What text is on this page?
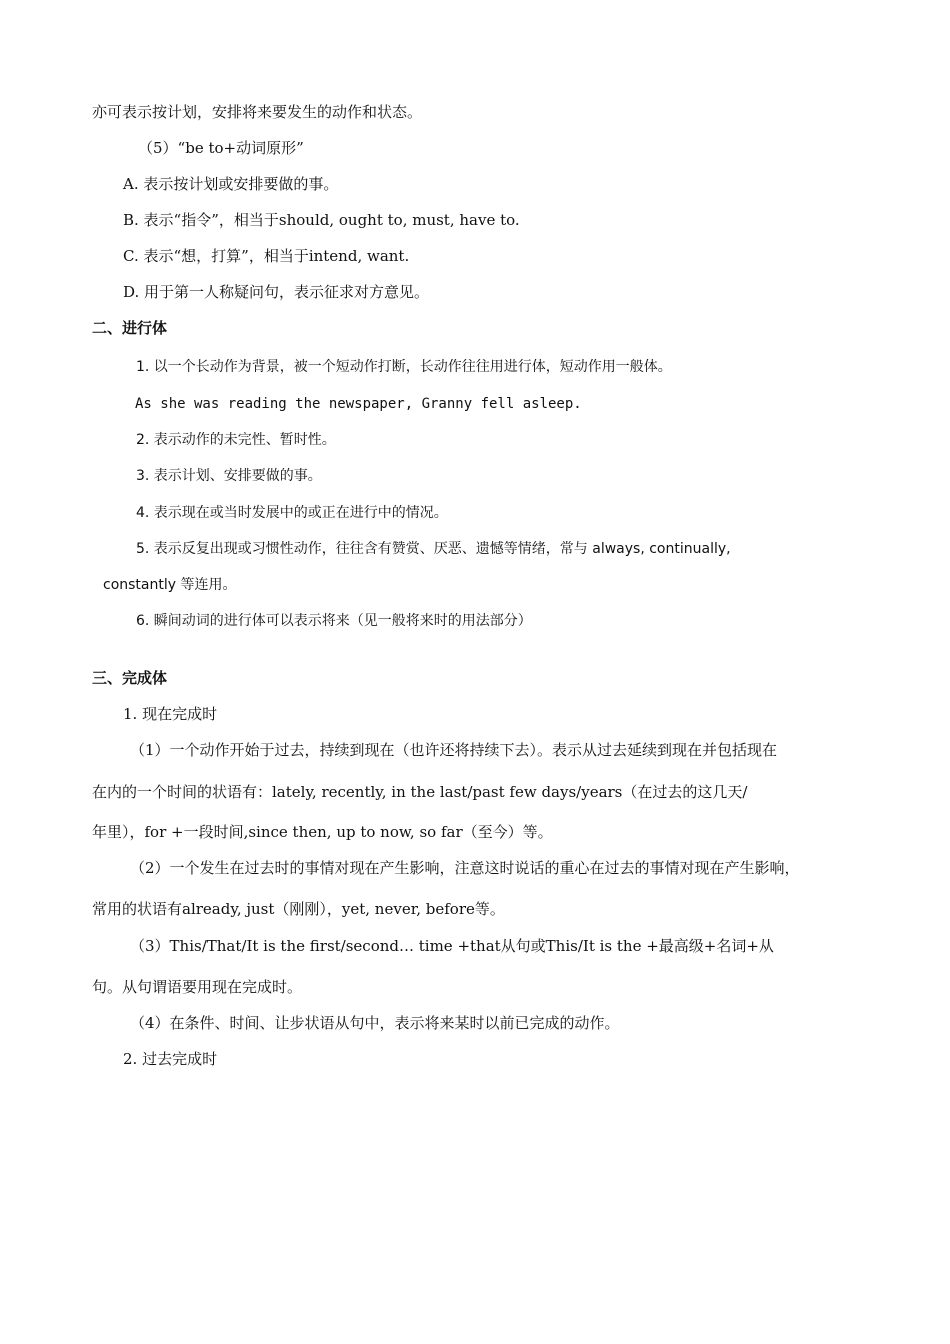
亦可表示按计划，安排将来要发生的动作和状态。
（5）“be to+动词原形”
A. 表示按计划或安排要做的事。
B. 表示“指令”，相当于should, ought to, must, have to.
C. 表示“想，打算”，相当于intend, want.
D. 用于第一人称疑问句，表示征求对方意见。
二、进行体
1. 以一个长动作为背景，被一个短动作打断，长动作往往用进行体，短动作用一般体。
As she was reading the newspaper, Granny fell asleep.
2. 表示动作的未完性、暂时性。
3. 表示计划、安排要做的事。
4. 表示现在或当时发展中的或正在进行中的情况。
5. 表示反复出现或习惯性动作，往往含有赞赏、厌恶、遗憾等情绪，常与 always, continually,
constantly 等连用。
6. 瞬间动词的进行体可以表示将来（见一般将来时的用法部分）
三、完成体
1. 现在完成时
（1）一个动作开始于过去，持续到现在（也许还将持续下去）。表示从过去延续到现在并包括现在
在内的一个时间的状语有：lately, recently, in the last/past few days/years（在过去的这几天/
年里），for +一段时间,since then, up to now, so far（至今）等。
（2）一个发生在过去时的事情对现在产生影响，注意这时说话的重心在过去的事情对现在产生影响，
常用的状语有already, just（刚刚），yet, never, before等。
（3）This/That/It is the first/second… time +that从句或This/It is the +最高级+名词+从
句。从句谓语要用现在完成时。
（4）在条件、时间、让步状语从句中，表示将来某时以前已完成的动作。
2. 过去完成时
